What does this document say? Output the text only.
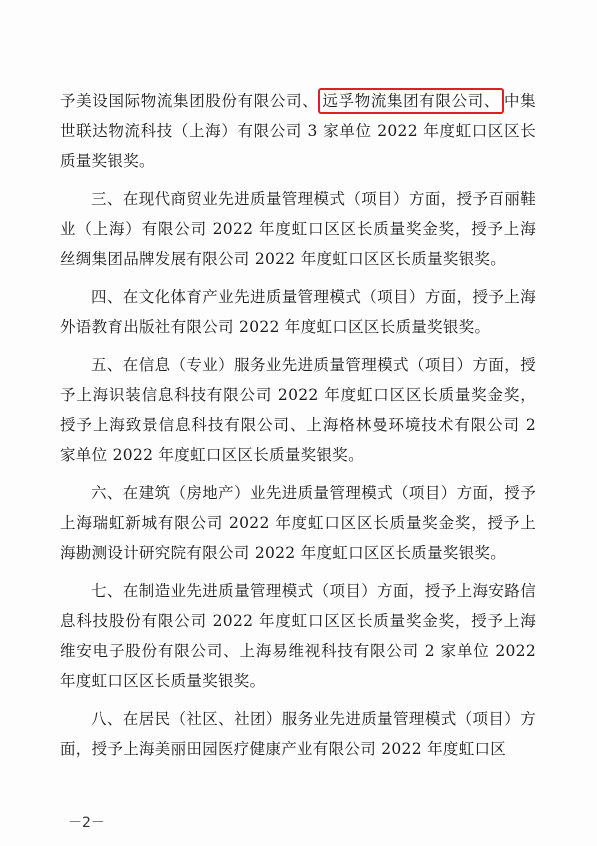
予美设国际物流集团股份有限公司、 远孚物流集团有限公司、 中集世联达物流科技（上海）有限公司 3 家单位 2022 年度虹口区区长质量奖银奖。

三、在现代商贸业先进质量管理模式（项目）方面，授予百丽鞋业（上海）有限公司 2022 年度虹口区区长质量奖金奖，授予上海丝绸集团品牌发展有限公司 2022 年度虹口区区长质量奖银奖。

四、在文化体育产业先进质量管理模式（项目）方面，授予上海外语教育出版社有限公司 2022 年度虹口区区长质量奖银奖。

五、在信息（专业）服务业先进质量管理模式（项目）方面，授予上海识装信息科技有限公司 2022 年度虹口区区长质量奖金奖，授予上海致景信息科技有限公司、上海格林曼环境技术有限公司 2 家单位 2022 年度虹口区区长质量奖银奖。

六、在建筑（房地产）业先进质量管理模式（项目）方面，授予上海瑞虹新城有限公司 2022 年度虹口区区长质量奖金奖，授予上海勘测设计研究院有限公司 2022 年度虹口区区长质量奖银奖。

七、在制造业先进质量管理模式（项目）方面，授予上海安路信息科技股份有限公司 2022 年度虹口区区长质量奖金奖，授予上海维安电子股份有限公司、上海易维视科技有限公司 2 家单位 2022 年度虹口区区长质量奖银奖。

八、在居民（社区、社团）服务业先进质量管理模式（项目）方面，授予上海美丽田园医疗健康产业有限公司 2022 年度虹口区

－2－
